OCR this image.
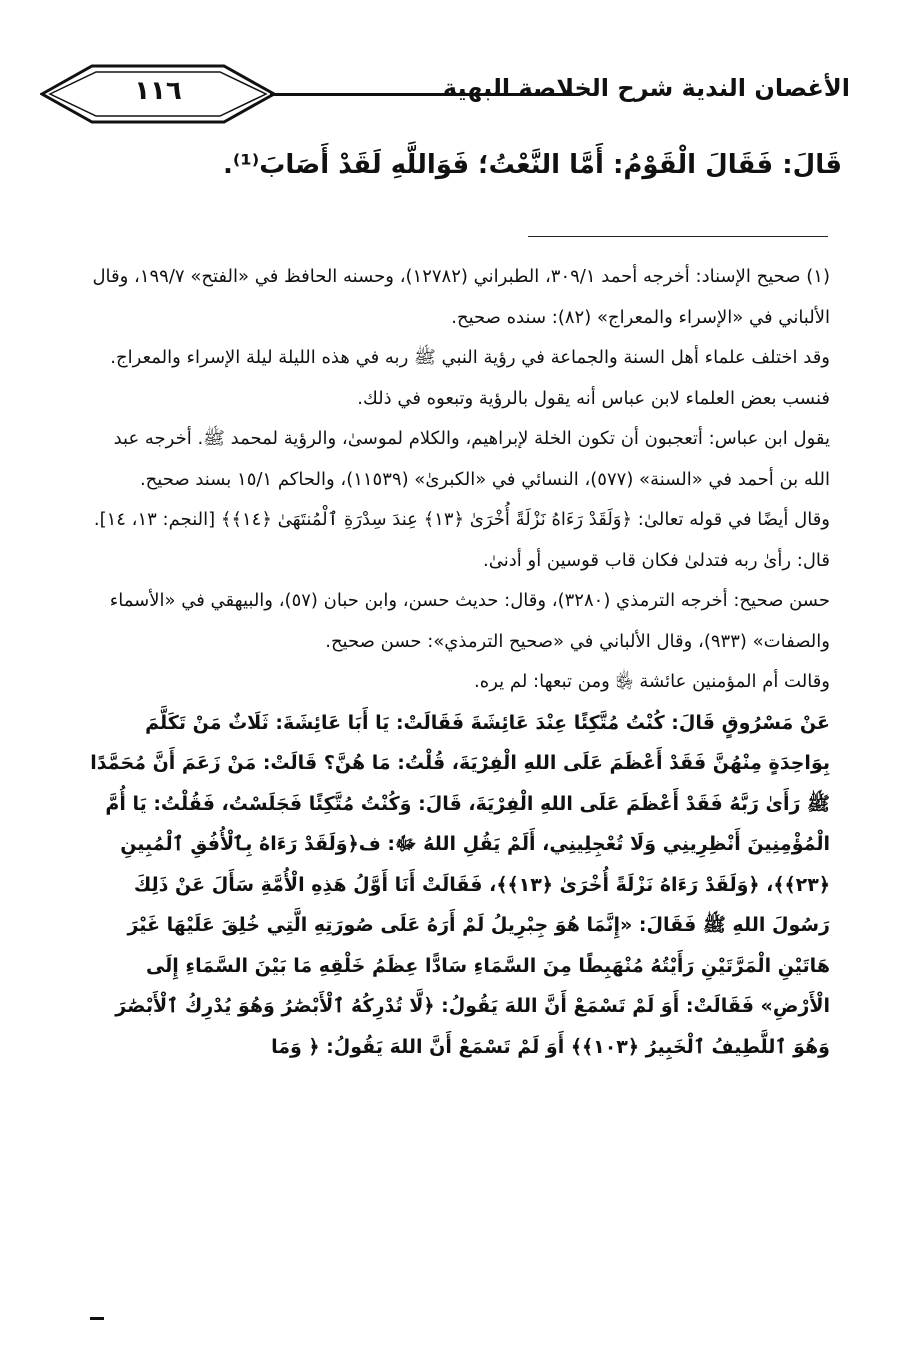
١١٦	الأغصان الندية شرح الخلاصة البهية
قَالَ: فَقَالَ الْقَوْمُ: أَمَّا النَّعْتُ؛ فَوَاللَّهِ لَقَدْ أَصَابَ⁽¹⁾.

(١) صحيح الإسناد: أخرجه أحمد ٣٠٩/١، الطبراني (١٢٧٨٢)، وحسنه الحافظ في «الفتح» ١٩٩/٧، وقال الألباني في «الإسراء والمعراج» (٨٢): سنده صحيح.

وقد اختلف علماء أهل السنة والجماعة في رؤية النبي ﷺ ربه في هذه الليلة ليلة الإسراء والمعراج.

فنسب بعض العلماء لابن عباس أنه يقول بالرؤية وتبعوه في ذلك.

يقول ابن عباس: أتعجبون أن تكون الخلة لإبراهيم، والكلام لموسىٰ، والرؤية لمحمد ﷺ. أخرجه عبد الله بن أحمد في «السنة» (٥٧٧)، النسائي في «الكبرىٰ» (١١٥٣٩)، والحاكم ١٥/١ بسند صحيح.

وقال أيضًا في قوله تعالىٰ: ﴿وَلَقَدْ رَءَاهُ نَزْلَةً أُخْرَىٰ ﴿١٣﴾ عِندَ سِدْرَةِ ٱلْمُنتَهَىٰ ﴿١٤﴾﴾ [النجم: ١٣، ١٤].

قال: رأىٰ ربه فتدلىٰ فكان قاب قوسين أو أدنىٰ.

حسن صحيح: أخرجه الترمذي (٣٢٨٠)، وقال: حديث حسن، وابن حبان (٥٧)، والبيهقي في «الأسماء والصفات» (٩٣٣)، وقال الألباني في «صحيح الترمذي»: حسن صحيح.

وقالت أم المؤمنين عائشة ﵂ ومن تبعها: لم يره.

عَنْ مَسْرُوقٍ قَالَ: كُنْتُ مُتَّكِئًا عِنْدَ عَائِشَةَ فَقَالَتْ: يَا أَبَا عَائِشَةَ: ثَلَاثٌ مَنْ تَكَلَّمَ بِوَاحِدَةٍ مِنْهُنَّ فَقَدْ أَعْظَمَ عَلَى اللهِ الْفِرْيَةَ، قُلْتُ: مَا هُنَّ؟ قَالَتْ: مَنْ زَعَمَ أَنَّ مُحَمَّدًا ﷺ رَأَىٰ رَبَّهُ فَقَدْ أَعْظَمَ عَلَى اللهِ الْفِرْيَةَ، قَالَ: وَكُنْتُ مُتَّكِئًا فَجَلَسْتُ، فَقُلْتُ: يَا أُمَّ الْمُؤْمِنِينَ أَنْظِرِينِي وَلَا تُعْجِلِينِي، أَلَمْ يَقُلِ اللهُ ﷻ: ف﴿وَلَقَدْ رَءَاهُ بِٱلْأُفُقِ ٱلْمُبِينِ ﴿٢٣﴾﴾، ﴿وَلَقَدْ رَءَاهُ نَزْلَةً أُخْرَىٰ ﴿١٣﴾﴾، فَقَالَتْ أَنَا أَوَّلُ هَذِهِ الْأُمَّةِ سَأَلَ عَنْ ذَلِكَ رَسُولَ اللهِ ﷺ فَقَالَ: «إِنَّمَا هُوَ جِبْرِيلُ لَمْ أَرَهُ عَلَى صُورَتِهِ الَّتِي خُلِقَ عَلَيْهَا غَيْرَ هَاتَيْنِ الْمَرَّتَيْنِ رَأَيْتُهُ مُنْهَبِطًا مِنَ السَّمَاءِ سَادًّا عِظَمُ خَلْقِهِ مَا بَيْنَ السَّمَاءِ إِلَى الْأَرْضِ» فَقَالَتْ: أَوَ لَمْ تَسْمَعْ أَنَّ اللهَ يَقُولُ: ﴿لَّا تُدْرِكُهُ ٱلْأَبْصَٰرُ وَهُوَ يُدْرِكُ ٱلْأَبْصَٰرَ وَهُوَ ٱللَّطِيفُ ٱلْخَبِيرُ ﴿١٠٣﴾﴾ أَوَ لَمْ تَسْمَعْ أَنَّ اللهَ يَقُولُ: ﴿ وَمَا
